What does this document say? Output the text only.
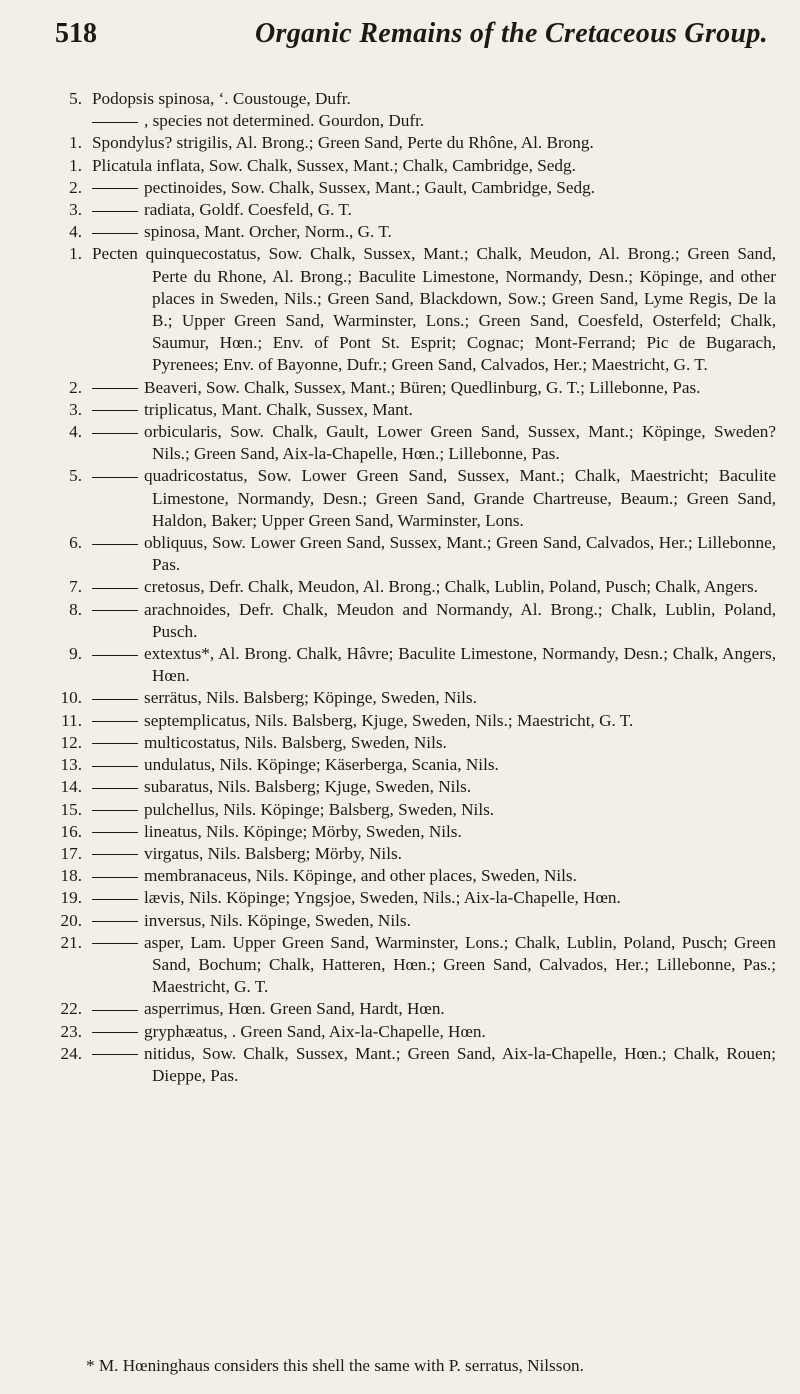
518	Organic Remains of the Cretaceous Group.
5. Podopsis spinosa, ‘. Coustouge, Dufr.
, species not determined. Gourdon, Dufr.
1. Spondylus? strigilis, Al. Brong.; Green Sand, Perte du Rhône, Al. Brong.
1. Plicatula inflata, Sow. Chalk, Sussex, Mant.; Chalk, Cambridge, Sedg.
2.	pectinoides, Sow. Chalk, Sussex, Mant.; Gault, Cambridge, Sedg.
3.	radiata, Goldf. Coesfeld, G. T.
4.	spinosa, Mant. Orcher, Norm., G. T.
1. Pecten quinquecostatus, Sow. Chalk, Sussex, Mant.; Chalk, Meudon, Al. Brong.; Green Sand, Perte du Rhone, Al. Brong.; Baculite Limestone, Normandy, Desn.; Köpinge, and other places in Sweden, Nils.; Green Sand, Blackdown, Sow.; Green Sand, Lyme Regis, De la B.; Upper Green Sand, Warminster, Lons.; Green Sand, Coesfeld, Osterfeld; Chalk, Saumur, Hœn.; Env. of Pont St. Esprit; Cognac; Mont-Ferrand; Pic de Bugarach, Pyrenees; Env. of Bayonne, Dufr.; Green Sand, Calvados, Her.; Maestricht, G. T.
2.	Beaveri, Sow. Chalk, Sussex, Mant.; Büren; Quedlinburg, G. T.; Lillebonne, Pas.
3.	triplicatus, Mant. Chalk, Sussex, Mant.
4.	orbicularis, Sow. Chalk, Gault, Lower Green Sand, Sussex, Mant.; Köpinge, Sweden? Nils.; Green Sand, Aix-la-Chapelle, Hœn.; Lillebonne, Pas.
5.	quadricostatus, Sow. Lower Green Sand, Sussex, Mant.; Chalk, Maestricht; Baculite Limestone, Normandy, Desn.; Green Sand, Grande Chartreuse, Beaum.; Green Sand, Haldon, Baker; Upper Green Sand, Warminster, Lons.
6.	obliquus, Sow. Lower Green Sand, Sussex, Mant.; Green Sand, Calvados, Her.; Lillebonne, Pas.
7.	cretosus, Defr. Chalk, Meudon, Al. Brong.; Chalk, Lublin, Poland, Pusch; Chalk, Angers.
8.	arachnoides, Defr. Chalk, Meudon and Normandy, Al. Brong.; Chalk, Lublin, Poland, Pusch.
9.	extextus*, Al. Brong. Chalk, Hâvre; Baculite Limestone, Normandy, Desn.; Chalk, Angers, Hœn.
10.	serrätus, Nils. Balsberg; Köpinge, Sweden, Nils.
11.	septemplicatus, Nils. Balsberg, Kjuge, Sweden, Nils.; Maestricht, G. T.
12.	multicostatus, Nils. Balsberg, Sweden, Nils.
13.	undulatus, Nils. Köpinge; Käserberga, Scania, Nils.
14.	subaratus, Nils. Balsberg; Kjuge, Sweden, Nils.
15.	pulchellus, Nils. Köpinge; Balsberg, Sweden, Nils.
16.	lineatus, Nils. Köpinge; Mörby, Sweden, Nils.
17.	virgatus, Nils. Balsberg; Mörby, Nils.
18.	membranaceus, Nils. Köpinge, and other places, Sweden, Nils.
19.	lævis, Nils. Köpinge; Yngsjoe, Sweden, Nils.; Aix-la-Chapelle, Hœn.
20.	inversus, Nils. Köpinge, Sweden, Nils.
21.	asper, Lam. Upper Green Sand, Warminster, Lons.; Chalk, Lublin, Poland, Pusch; Green Sand, Bochum; Chalk, Hatteren, Hœn.; Green Sand, Calvados, Her.; Lillebonne, Pas.; Maestricht, G. T.
22.	asperrimus, Hœn. Green Sand, Hardt, Hœn.
23.	gryphæatus, . Green Sand, Aix-la-Chapelle, Hœn.
24.	nitidus, Sow. Chalk, Sussex, Mant.; Green Sand, Aix-la-Chapelle, Hœn.; Chalk, Rouen; Dieppe, Pas.
* M. Hœninghaus considers this shell the same with P. serratus, Nilsson.
